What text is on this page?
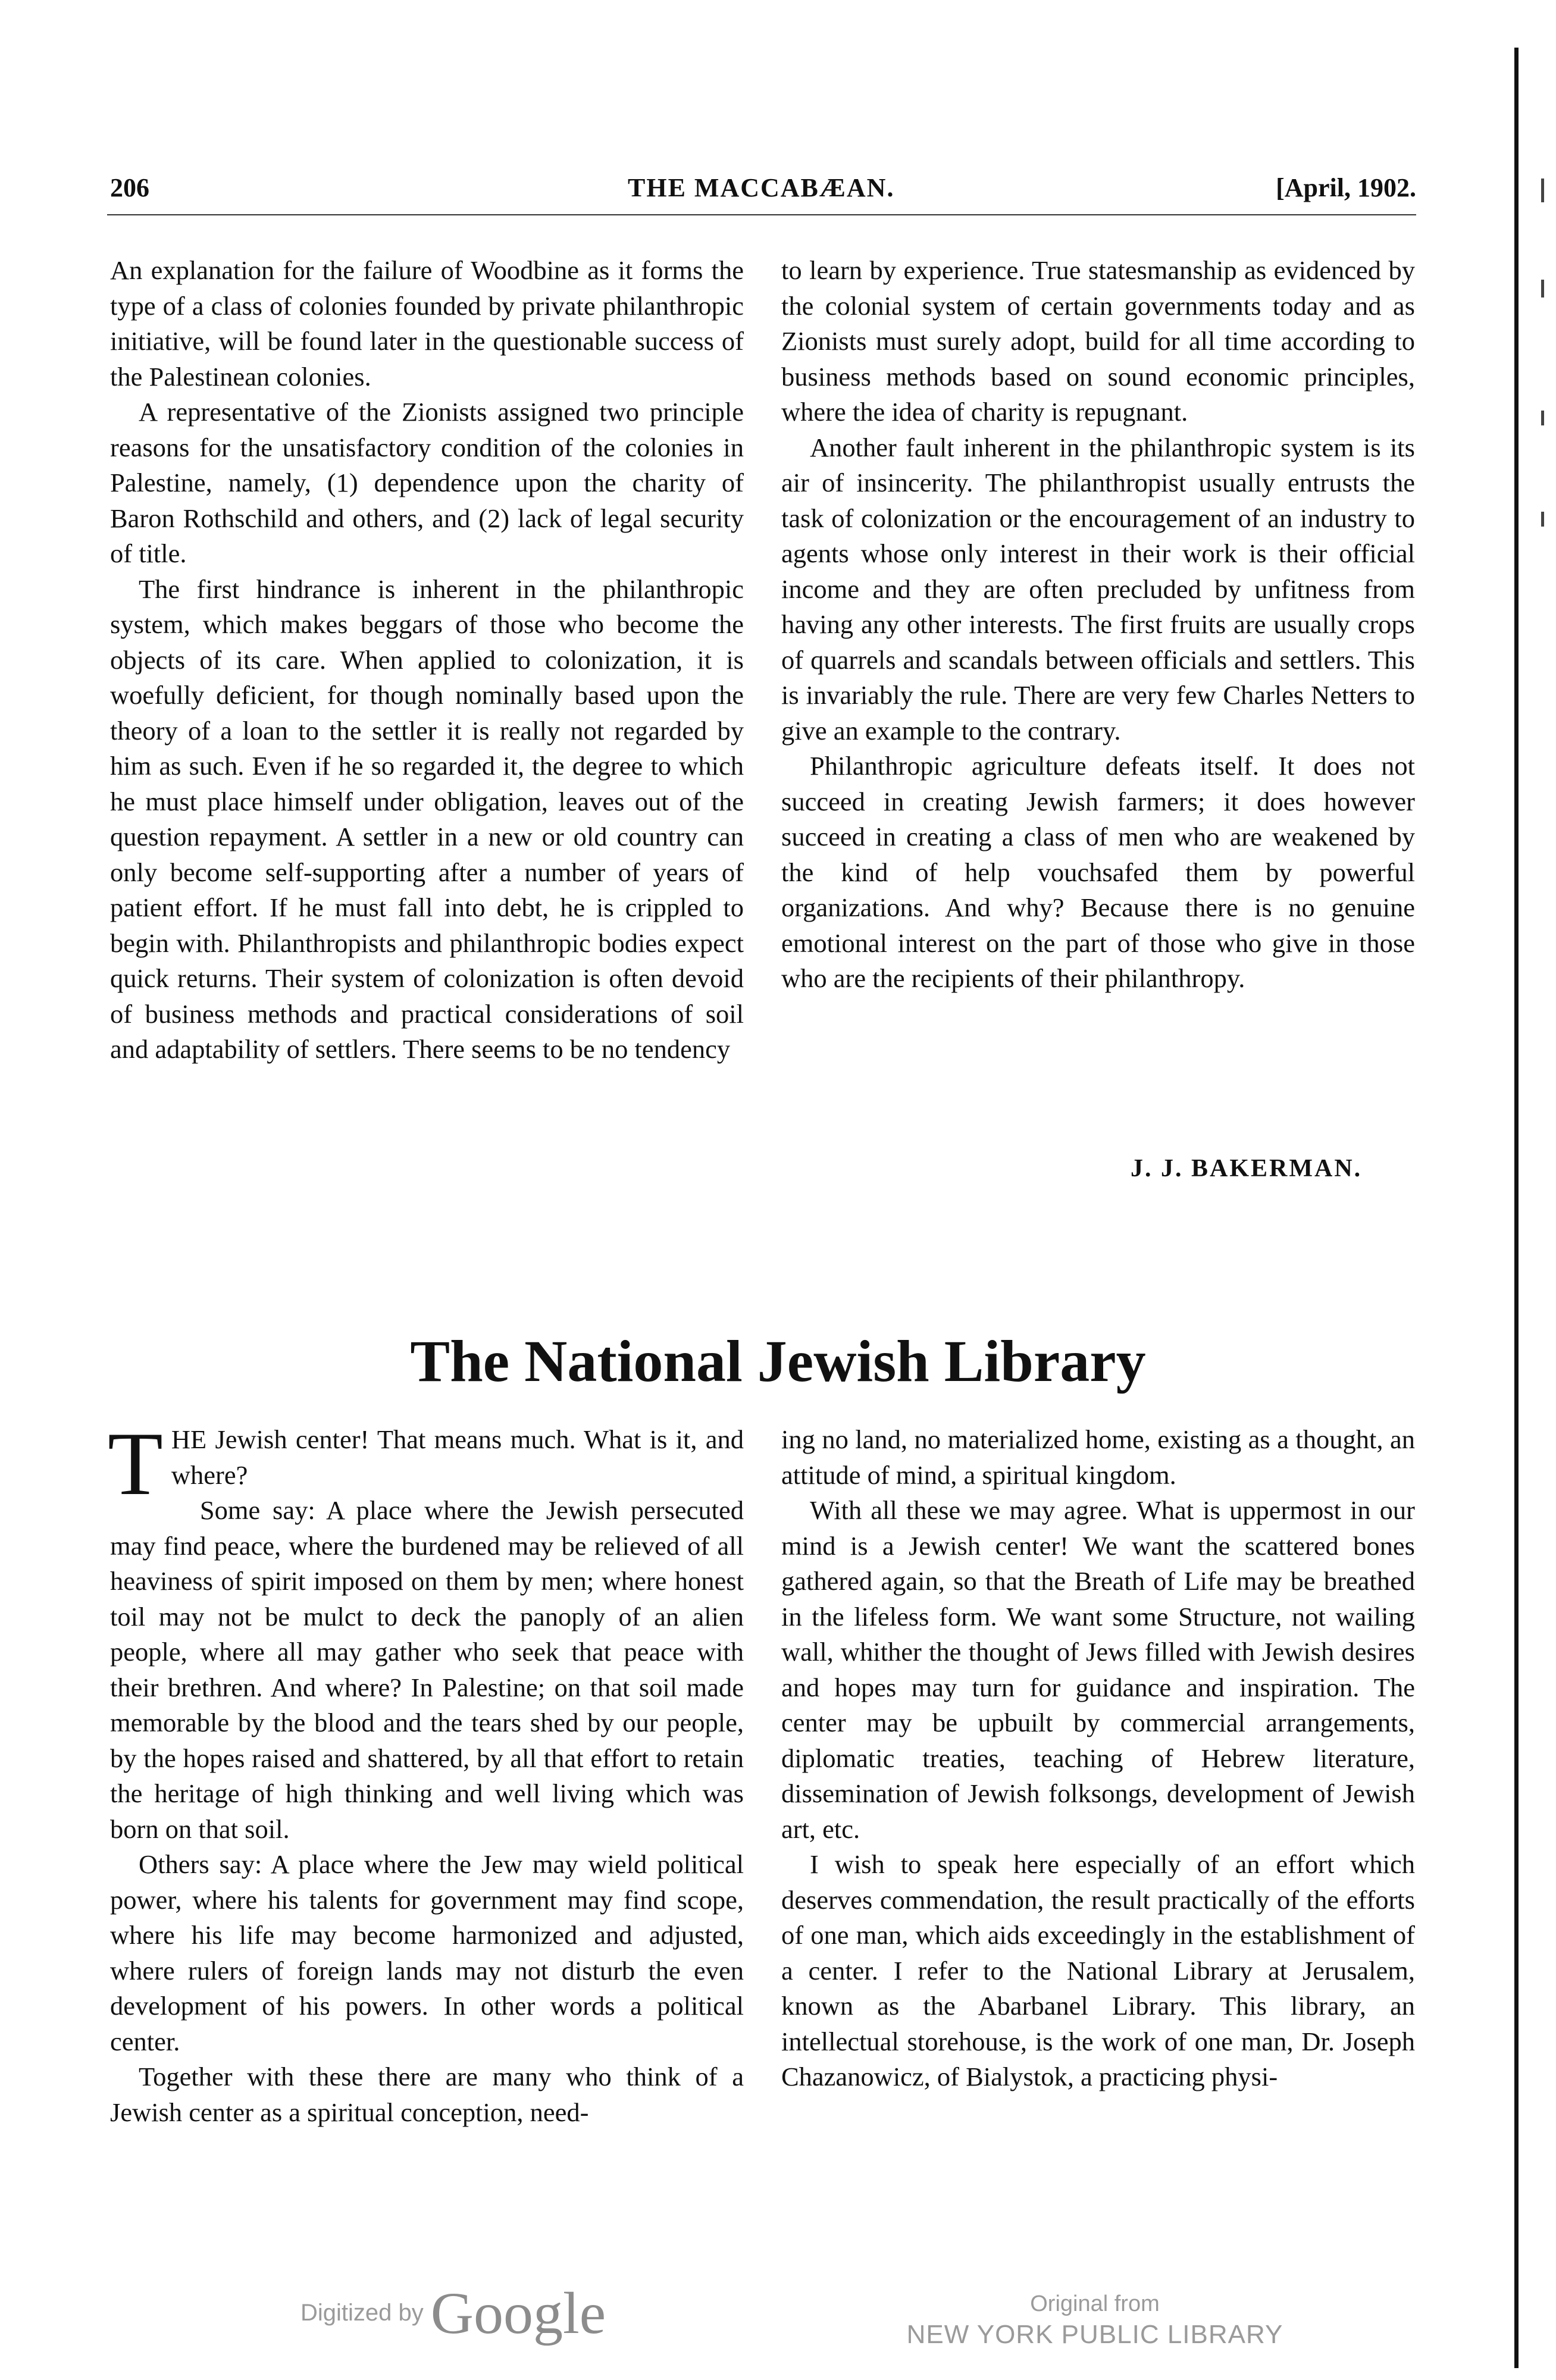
206	THE MACCABÆAN.	[April, 1902.

An explanation for the failure of Woodbine as it forms the type of a class of colonies founded by private philanthropic initiative, will be found later in the questionable success of the Palestinean colonies.

A representative of the Zionists assigned two principle reasons for the unsatisfactory condition of the colonies in Palestine, namely, (1) dependence upon the charity of Baron Rothschild and others, and (2) lack of legal security of title.

The first hindrance is inherent in the philanthropic system, which makes beggars of those who become the objects of its care. When applied to colonization, it is woefully deficient, for though nominally based upon the theory of a loan to the settler it is really not regarded by him as such. Even if he so regarded it, the degree to which he must place himself under obligation, leaves out of the question repayment. A settler in a new or old country can only become self-supporting after a number of years of patient effort. If he must fall into debt, he is crippled to begin with. Philanthropists and philanthropic bodies expect quick returns. Their system of colonization is often devoid of business methods and practical considerations of soil and adaptability of settlers. There seems to be no tendency

to learn by experience. True statesmanship as evidenced by the colonial system of certain governments today and as Zionists must surely adopt, build for all time according to business methods based on sound economic principles, where the idea of charity is repugnant.

Another fault inherent in the philanthropic system is its air of insincerity. The philanthropist usually entrusts the task of colonization or the encouragement of an industry to agents whose only interest in their work is their official income and they are often precluded by unfitness from having any other interests. The first fruits are usually crops of quarrels and scandals between officials and settlers. This is invariably the rule. There are very few Charles Netters to give an example to the contrary.

Philanthropic agriculture defeats itself. It does not succeed in creating Jewish farmers; it does however succeed in creating a class of men who are weakened by the kind of help vouchsafed them by powerful organizations. And why? Because there is no genuine emotional interest on the part of those who give in those who are the recipients of their philanthropy.

J. J. BAKERMAN.
The National Jewish Library

THE Jewish center! That means much. What is it, and where?

Some say: A place where the Jewish persecuted may find peace, where the burdened may be relieved of all heaviness of spirit imposed on them by men; where honest toil may not be mulct to deck the panoply of an alien people, where all may gather who seek that peace with their brethren. And where? In Palestine; on that soil made memorable by the blood and the tears shed by our people, by the hopes raised and shattered, by all that effort to retain the heritage of high thinking and well living which was born on that soil.

Others say: A place where the Jew may wield political power, where his talents for government may find scope, where his life may become harmonized and adjusted, where rulers of foreign lands may not disturb the even development of his powers. In other words a political center.

Together with these there are many who think of a Jewish center as a spiritual conception, need-

ing no land, no materialized home, existing as a thought, an attitude of mind, a spiritual kingdom.

With all these we may agree. What is uppermost in our mind is a Jewish center! We want the scattered bones gathered again, so that the Breath of Life may be breathed in the lifeless form. We want some Structure, not wailing wall, whither the thought of Jews filled with Jewish desires and hopes may turn for guidance and inspiration. The center may be upbuilt by commercial arrangements, diplomatic treaties, teaching of Hebrew literature, dissemination of Jewish folksongs, development of Jewish art, etc.

I wish to speak here especially of an effort which deserves commendation, the result practically of the efforts of one man, which aids exceedingly in the establishment of a center. I refer to the National Library at Jerusalem, known as the Abarbanel Library. This library, an intellectual storehouse, is the work of one man, Dr. Joseph Chazanowicz, of Bialystok, a practicing physi-

Digitized by Google	Original from
NEW YORK PUBLIC LIBRARY
